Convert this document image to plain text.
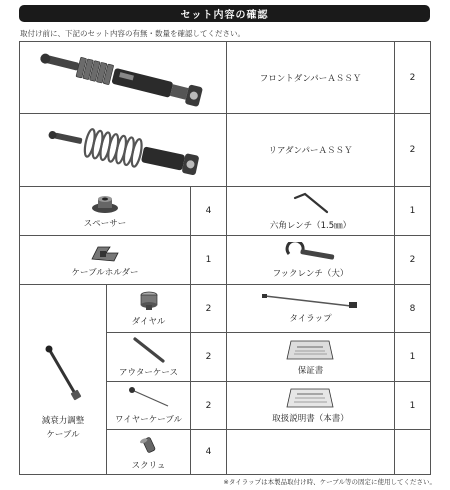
セット内容の確認
取付け前に、下記のセット内容の有無・数量を確認してください。
	フロントダンパーＡＳＳＹ	2

	リアダンパーＡＳＳＹ	2

スペーサー		4	六角レンチ（1.5㎜）	1

ケーブルホルダー		1	フックレンチ（大）	2

減衰力調整
ケーブル	ダイヤル	2	タイラップ	8

	アウターケース	2	保証書	1

	ワイヤーケーブル	2	取扱説明書（本書）	1

	スクリュ	4		
※タイラップは本製品取付け時、ケーブル等の固定に使用してください。
